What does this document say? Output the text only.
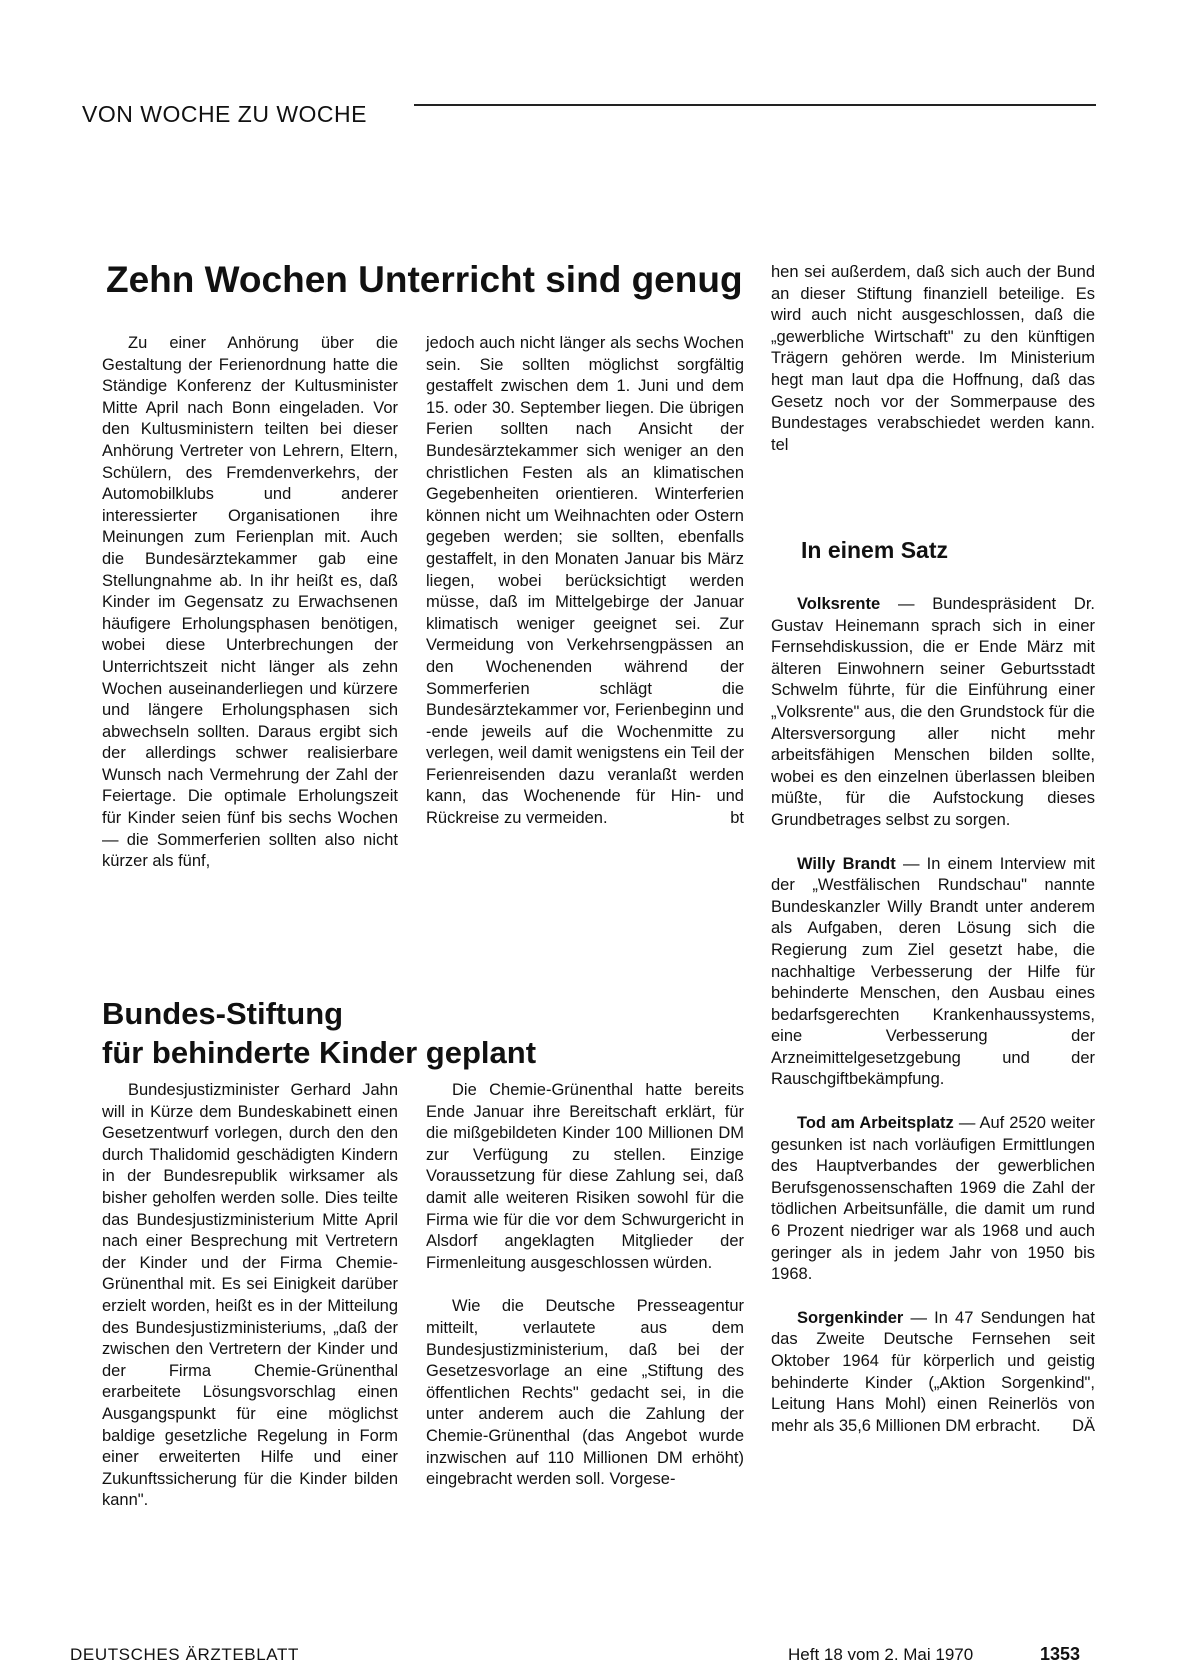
VON WOCHE ZU WOCHE
Zehn Wochen Unterricht sind genug

Zu einer Anhörung über die Gestaltung der Ferienordnung hatte die Ständige Konferenz der Kultusminister Mitte April nach Bonn eingeladen. Vor den Kultusministern teilten bei dieser Anhörung Vertreter von Lehrern, Eltern, Schülern, des Fremdenverkehrs, der Automobilklubs und anderer interessierter Organisationen ihre Meinungen zum Ferienplan mit. Auch die Bundesärztekammer gab eine Stellungnahme ab. In ihr heißt es, daß Kinder im Gegensatz zu Erwachsenen häufigere Erholungsphasen benötigen, wobei diese Unterbrechungen der Unterrichtszeit nicht länger als zehn Wochen auseinanderliegen und kürzere und längere Erholungsphasen sich abwechseln sollten. Daraus ergibt sich der allerdings schwer realisierbare Wunsch nach Vermehrung der Zahl der Feiertage. Die optimale Erholungszeit für Kinder seien fünf bis sechs Wochen — die Sommerferien sollten also nicht kürzer als fünf,

jedoch auch nicht länger als sechs Wochen sein. Sie sollten möglichst sorgfältig gestaffelt zwischen dem 1. Juni und dem 15. oder 30. September liegen. Die übrigen Ferien sollten nach Ansicht der Bundesärztekammer sich weniger an den christlichen Festen als an klimatischen Gegebenheiten orientieren. Winterferien können nicht um Weihnachten oder Ostern gegeben werden; sie sollten, ebenfalls gestaffelt, in den Monaten Januar bis März liegen, wobei berücksichtigt werden müsse, daß im Mittelgebirge der Januar klimatisch weniger geeignet sei. Zur Vermeidung von Verkehrsengpässen an den Wochenenden während der Sommerferien schlägt die Bundesärztekammer vor, Ferienbeginn und -ende jeweils auf die Wochenmitte zu verlegen, weil damit wenigstens ein Teil der Ferienreisenden dazu veranlaßt werden kann, das Wochenende für Hin- und Rückreise zu vermeiden.	bt

Bundes-Stiftung
für behinderte Kinder geplant

Bundesjustizminister Gerhard Jahn will in Kürze dem Bundeskabinett einen Gesetzentwurf vorlegen, durch den den durch Thalidomid geschädigten Kindern in der Bundesrepublik wirksamer als bisher geholfen werden solle. Dies teilte das Bundesjustizministerium Mitte April nach einer Besprechung mit Vertretern der Kinder und der Firma Chemie-Grünenthal mit. Es sei Einigkeit darüber erzielt worden, heißt es in der Mitteilung des Bundesjustizministeriums, „daß der zwischen den Vertretern der Kinder und der Firma Chemie-Grünenthal erarbeitete Lösungsvorschlag einen Ausgangspunkt für eine möglichst baldige gesetzliche Regelung in Form einer erweiterten Hilfe und einer Zukunftssicherung für die Kinder bilden kann".

Die Chemie-Grünenthal hatte bereits Ende Januar ihre Bereitschaft erklärt, für die mißgebildeten Kinder 100 Millionen DM zur Verfügung zu stellen. Einzige Voraussetzung für diese Zahlung sei, daß damit alle weiteren Risiken sowohl für die Firma wie für die vor dem Schwurgericht in Alsdorf angeklagten Mitglieder der Firmenleitung ausgeschlossen würden.

Wie die Deutsche Presseagentur mitteilt, verlautete aus dem Bundesjustizministerium, daß bei der Gesetzesvorlage an eine „Stiftung des öffentlichen Rechts" gedacht sei, in die unter anderem auch die Zahlung der Chemie-Grünenthal (das Angebot wurde inzwischen auf 110 Millionen DM erhöht) eingebracht werden soll. Vorgese-

hen sei außerdem, daß sich auch der Bund an dieser Stiftung finanziell beteilige. Es wird auch nicht ausgeschlossen, daß die „gewerbliche Wirtschaft" zu den künftigen Trägern gehören werde. Im Ministerium hegt man laut dpa die Hoffnung, daß das Gesetz noch vor der Sommerpause des Bundestages verabschiedet werden kann. tel

In einem Satz

Volksrente — Bundespräsident Dr. Gustav Heinemann sprach sich in einer Fernsehdiskussion, die er Ende März mit älteren Einwohnern seiner Geburtsstadt Schwelm führte, für die Einführung einer „Volksrente" aus, die den Grundstock für die Altersversorgung aller nicht mehr arbeitsfähigen Menschen bilden sollte, wobei es den einzelnen überlassen bleiben müßte, für die Aufstockung dieses Grundbetrages selbst zu sorgen.

Willy Brandt — In einem Interview mit der „Westfälischen Rundschau" nannte Bundeskanzler Willy Brandt unter anderem als Aufgaben, deren Lösung sich die Regierung zum Ziel gesetzt habe, die nachhaltige Verbesserung der Hilfe für behinderte Menschen, den Ausbau eines bedarfsgerechten Krankenhaussystems, eine Verbesserung der Arzneimittelgesetzgebung und der Rauschgiftbekämpfung.

Tod am Arbeitsplatz — Auf 2520 weiter gesunken ist nach vorläufigen Ermittlungen des Hauptverbandes der gewerblichen Berufsgenossenschaften 1969 die Zahl der tödlichen Arbeitsunfälle, die damit um rund 6 Prozent niedriger war als 1968 und auch geringer als in jedem Jahr von 1950 bis 1968.

Sorgenkinder — In 47 Sendungen hat das Zweite Deutsche Fernsehen seit Oktober 1964 für körperlich und geistig behinderte Kinder („Aktion Sorgenkind", Leitung Hans Mohl) einen Reinerlös von mehr als 35,6 Millionen DM erbracht.	DÄ

DEUTSCHES ÄRZTEBLATT	Heft 18 vom 2. Mai 1970	1353
